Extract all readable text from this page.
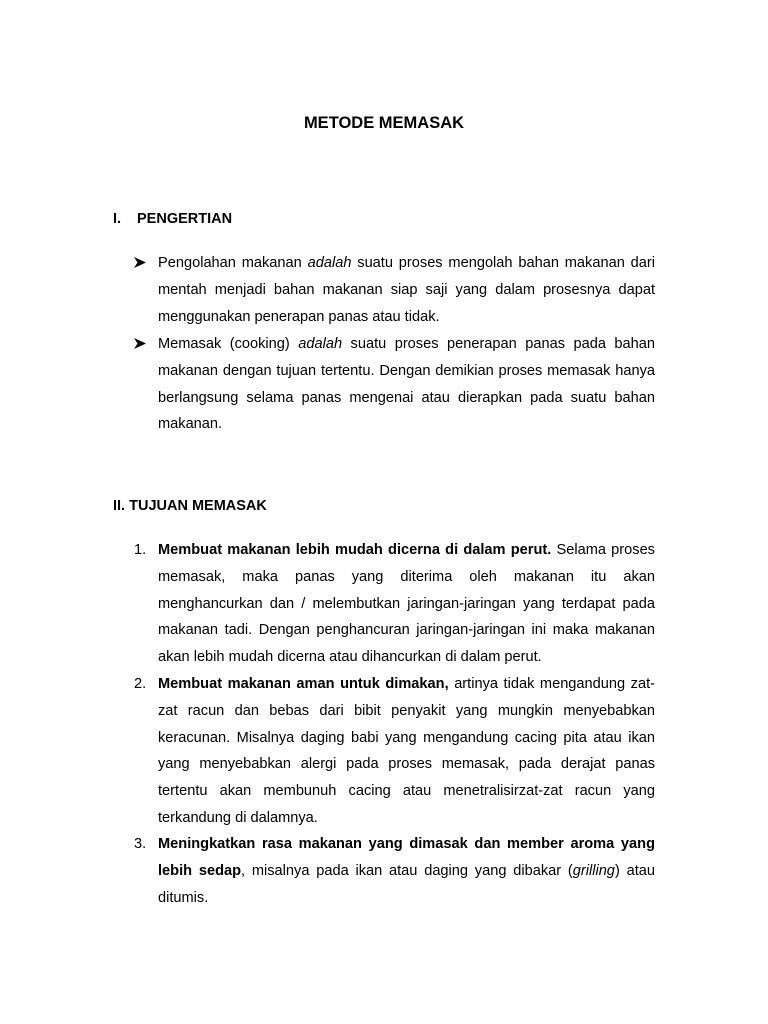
METODE MEMASAK
I. PENGERTIAN
Pengolahan makanan adalah suatu proses mengolah bahan makanan dari mentah menjadi bahan makanan siap saji yang dalam prosesnya dapat menggunakan penerapan panas atau tidak.
Memasak (cooking) adalah suatu proses penerapan panas pada bahan makanan dengan tujuan tertentu. Dengan demikian proses memasak hanya berlangsung selama panas mengenai atau dierapkan pada suatu bahan makanan.
II. TUJUAN MEMASAK
1. Membuat makanan lebih mudah dicerna di dalam perut. Selama proses memasak, maka panas yang diterima oleh makanan itu akan menghancurkan dan / melembutkan jaringan-jaringan yang terdapat pada makanan tadi. Dengan penghancuran jaringan-jaringan ini maka makanan akan lebih mudah dicerna atau dihancurkan di dalam perut.
2. Membuat makanan aman untuk dimakan, artinya tidak mengandung zat-zat racun dan bebas dari bibit penyakit yang mungkin menyebabkan keracunan. Misalnya daging babi yang mengandung cacing pita atau ikan yang menyebabkan alergi pada proses memasak, pada derajat panas tertentu akan membunuh cacing atau menetralisirzat-zat racun yang terkandung di dalamnya.
3. Meningkatkan rasa makanan yang dimasak dan member aroma yang lebih sedap, misalnya pada ikan atau daging yang dibakar (grilling) atau ditumis.
